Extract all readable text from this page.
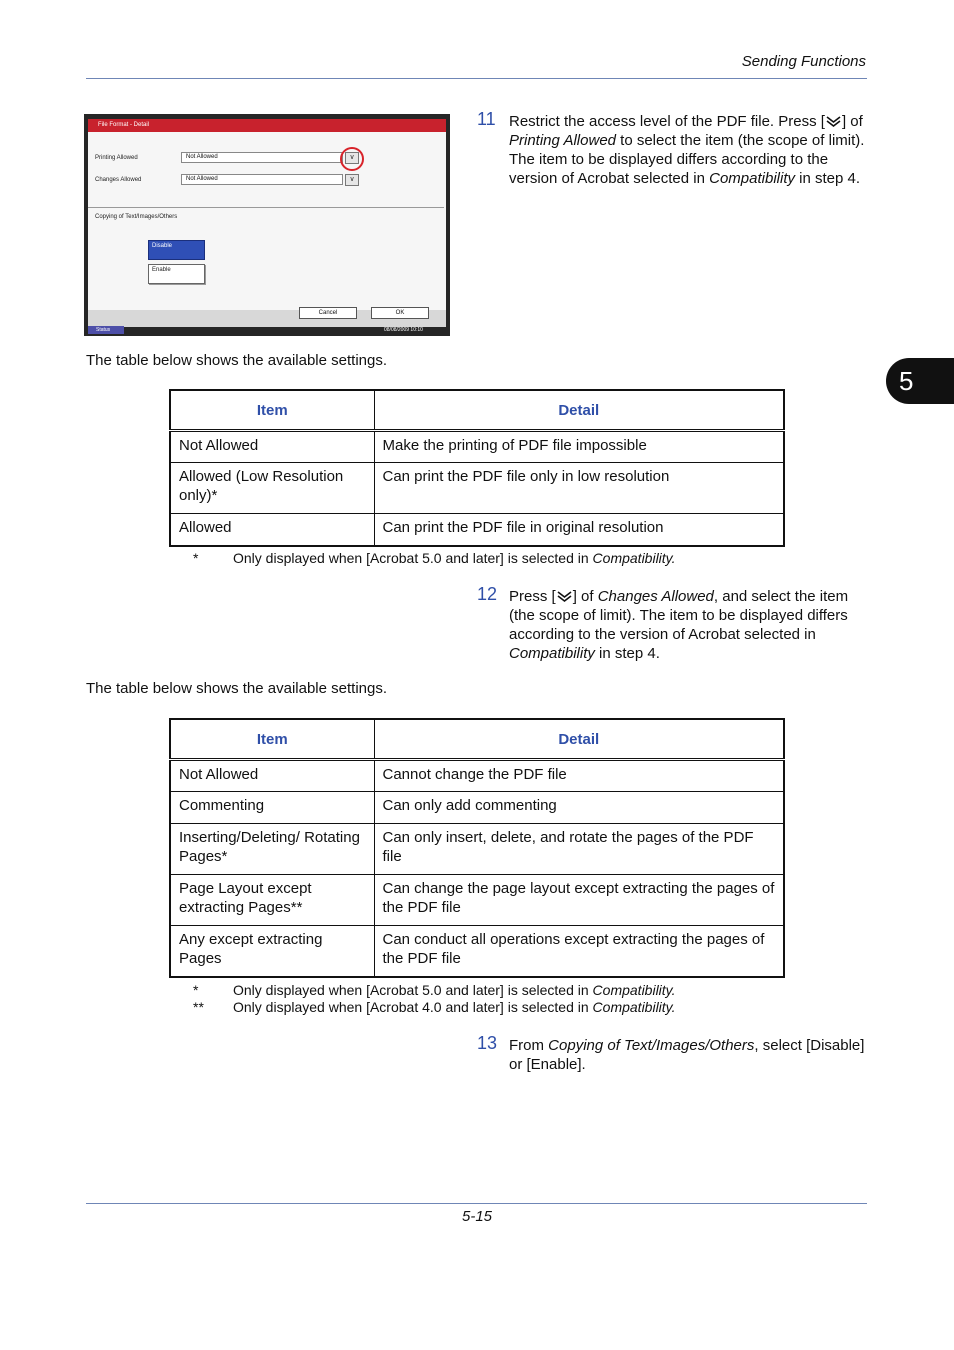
Sending Functions
5
File Format - Detail
Printing Allowed	Not Allowed	∨
Changes Allowed	Not Allowed	∨
Copying of Text/Images/Others
Disable
Enable
Cancel	OK
Status	08/08/2009 10:10
11 Restrict the access level of the PDF file. Press [ ] of Printing Allowed to select the item (the scope of limit). The item to be displayed differs according to the version of Acrobat selected in Compatibility in step 4.
The table below shows the available settings.
Item	Detail
Not Allowed	Make the printing of PDF file impossible
Allowed (Low Resolution only)*	Can print the PDF file only in low resolution
Allowed	Can print the PDF file in original resolution
* Only displayed when [Acrobat 5.0 and later] is selected in Compatibility.
12 Press [ ] of Changes Allowed, and select the item (the scope of limit). The item to be displayed differs according to the version of Acrobat selected in Compatibility in step 4.
The table below shows the available settings.
Item	Detail
Not Allowed	Cannot change the PDF file
Commenting	Can only add commenting
Inserting/Deleting/ Rotating Pages*	Can only insert, delete, and rotate the pages of the PDF file
Page Layout except extracting Pages**	Can change the page layout except extracting the pages of the PDF file
Any except extracting Pages	Can conduct all operations except extracting the pages of the PDF file
* Only displayed when [Acrobat 5.0 and later] is selected in Compatibility.
** Only displayed when [Acrobat 4.0 and later] is selected in Compatibility.
13 From Copying of Text/Images/Others, select [Disable] or [Enable].
5-15
